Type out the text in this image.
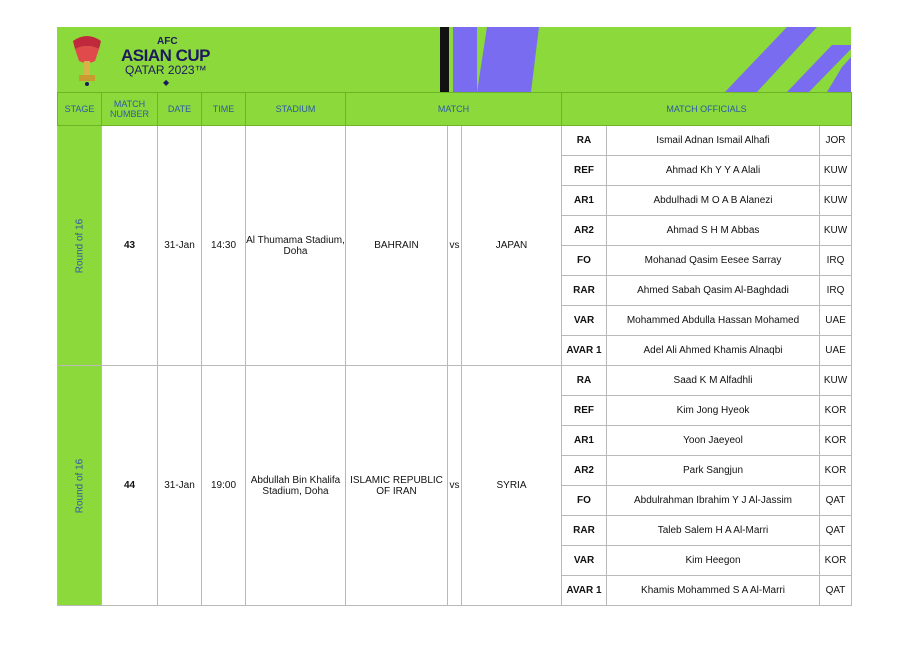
AFC
ASIAN CUP
QATAR 2023™
◆
STAGE	MATCH NUMBER	DATE	TIME	STADIUM	MATCH			MATCH OFFICIALS		

Round of 16	43	31-Jan	14:30	Al Thumama Stadium, Doha	BAHRAIN	vs	JAPAN	RA	Ismail Adnan Ismail Alhafi	JOR
								REF	Ahmad Kh Y Y A Alali	KUW
								AR1	Abdulhadi M O A B Alanezi	KUW
								AR2	Ahmad S H M Abbas	KUW
								FO	Mohanad Qasim Eesee Sarray	IRQ
								RAR	Ahmed Sabah Qasim Al-Baghdadi	IRQ
								VAR	Mohammed Abdulla Hassan Mohamed	UAE
								AVAR 1	Adel Ali Ahmed Khamis Alnaqbi	UAE

Round of 16	44	31-Jan	19:00	Abdullah Bin Khalifa Stadium, Doha	ISLAMIC REPUBLIC OF IRAN	vs	SYRIA	RA	Saad K M Alfadhli	KUW
								REF	Kim Jong Hyeok	KOR
								AR1	Yoon Jaeyeol	KOR
								AR2	Park Sangjun	KOR
								FO	Abdulrahman Ibrahim Y J Al-Jassim	QAT
								RAR	Taleb Salem H A Al-Marri	QAT
								VAR	Kim Heegon	KOR
								AVAR 1	Khamis Mohammed S A Al-Marri	QAT
